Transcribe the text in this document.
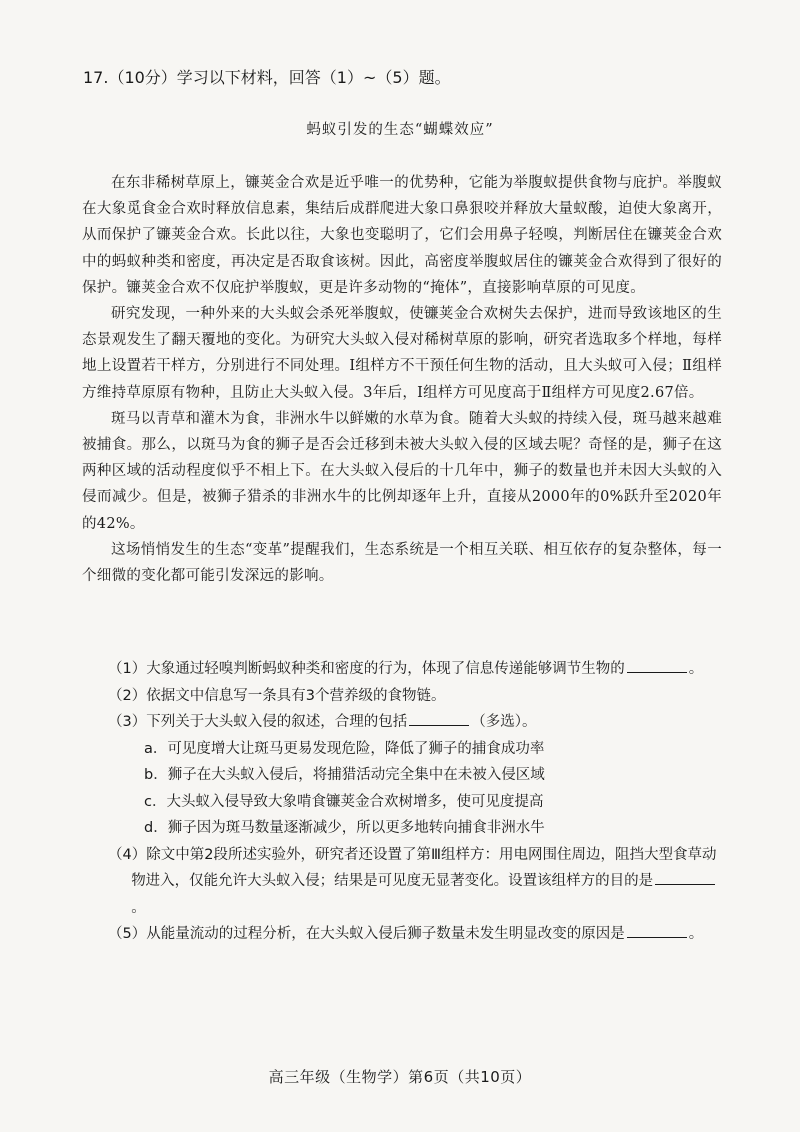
17.（10分）学习以下材料，回答（1）~（5）题。
蚂蚁引发的生态“蝴蝶效应”

在东非稀树草原上，镰荚金合欢是近乎唯一的优势种，它能为举腹蚁提供食物与庇护。举腹蚁在大象觅食金合欢时释放信息素，集结后成群爬进大象口鼻狠咬并释放大量蚁酸，迫使大象离开，从而保护了镰荚金合欢。长此以往，大象也变聪明了，它们会用鼻子轻嗅，判断居住在镰荚金合欢中的蚂蚁种类和密度，再决定是否取食该树。因此，高密度举腹蚁居住的镰荚金合欢得到了很好的保护。镰荚金合欢不仅庇护举腹蚁，更是许多动物的“掩体”，直接影响草原的可见度。

研究发现，一种外来的大头蚁会杀死举腹蚁，使镰荚金合欢树失去保护，进而导致该地区的生态景观发生了翻天覆地的变化。为研究大头蚁入侵对稀树草原的影响，研究者选取多个样地，每样地上设置若干样方，分别进行不同处理。Ⅰ组样方不干预任何生物的活动，且大头蚁可入侵；Ⅱ组样方维持草原原有物种，且防止大头蚁入侵。3年后，Ⅰ组样方可见度高于Ⅱ组样方可见度2.67倍。

斑马以青草和灌木为食，非洲水牛以鲜嫩的水草为食。随着大头蚁的持续入侵，斑马越来越难被捕食。那么，以斑马为食的狮子是否会迁移到未被大头蚁入侵的区域去呢？奇怪的是，狮子在这两种区域的活动程度似乎不相上下。在大头蚁入侵后的十几年中，狮子的数量也并未因大头蚁的入侵而减少。但是，被狮子猎杀的非洲水牛的比例却逐年上升，直接从2000年的0%跃升至2020年的42%。

这场悄悄发生的生态“变革”提醒我们，生态系统是一个相互关联、相互依存的复杂整体，每一个细微的变化都可能引发深远的影响。

（1）大象通过轻嗅判断蚂蚁种类和密度的行为，体现了信息传递能够调节生物的	。

（2）依据文中信息写一条具有3个营养级的食物链。

（3）下列关于大头蚁入侵的叙述，合理的包括	（多选）。

a．可见度增大让斑马更易发现危险，降低了狮子的捕食成功率

b．狮子在大头蚁入侵后，将捕猎活动完全集中在未被入侵区域

c．大头蚁入侵导致大象啃食镰荚金合欢树增多，使可见度提高

d．狮子因为斑马数量逐渐减少，所以更多地转向捕食非洲水牛

（4）除文中第2段所述实验外，研究者还设置了第Ⅲ组样方：用电网围住周边，阻挡大型食草动物进入，仅能允许大头蚁入侵；结果是可见度无显著变化。设置该组样方的目的是。

（5）从能量流动的过程分析，在大头蚁入侵后狮子数量未发生明显改变的原因是	。

高三年级（生物学）第6页（共10页）
